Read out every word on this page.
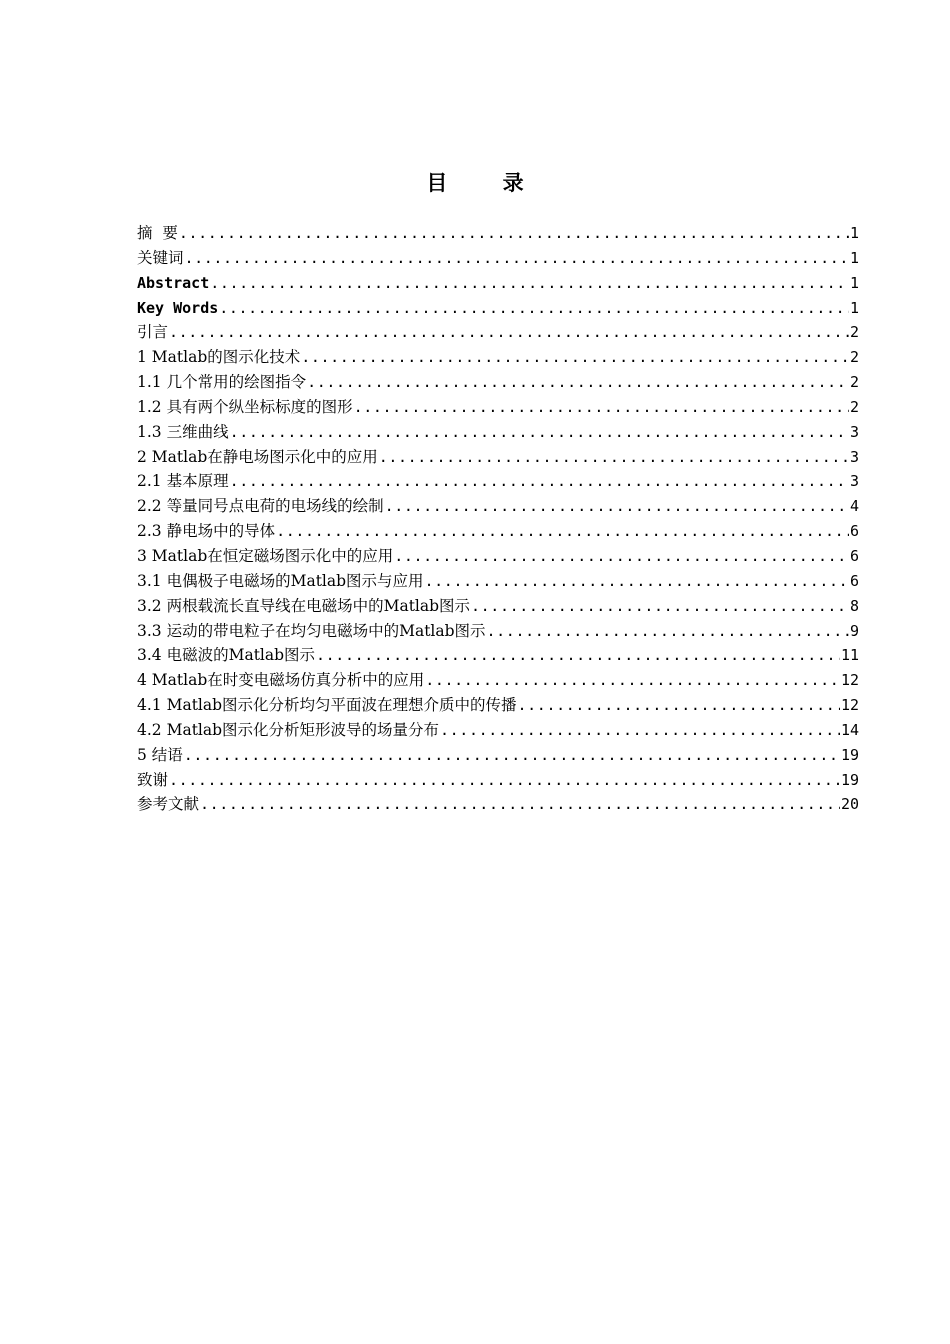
目 录
摘  要 .....	1
关键词 .....	1
Abstract .....	1
Key Words .....	1
引言 .....	2
1 Matlab的图示化技术 .....	2
1.1 几个常用的绘图指令 .....	2
1.2 具有两个纵坐标标度的图形 .....	2
1.3 三维曲线 .....	3
2 Matlab在静电场图示化中的应用 .....	3
2.1 基本原理 .....	3
2.2 等量同号点电荷的电场线的绘制 .....	4
2.3 静电场中的导体 .....	6
3 Matlab在恒定磁场图示化中的应用 .....	6
3.1 电偶极子电磁场的Matlab图示与应用 .....	6
3.2 两根载流长直导线在电磁场中的Matlab图示 .....	8
3.3 运动的带电粒子在均匀电磁场中的Matlab图示 .....	9
3.4 电磁波的Matlab图示 .....	11
4 Matlab在时变电磁场仿真分析中的应用 .....	12
4.1 Matlab图示化分析均匀平面波在理想介质中的传播 .....	12
4.2 Matlab图示化分析矩形波导的场量分布 .....	14
5 结语 .....	19
致谢 .....	19
参考文献 .....	20
